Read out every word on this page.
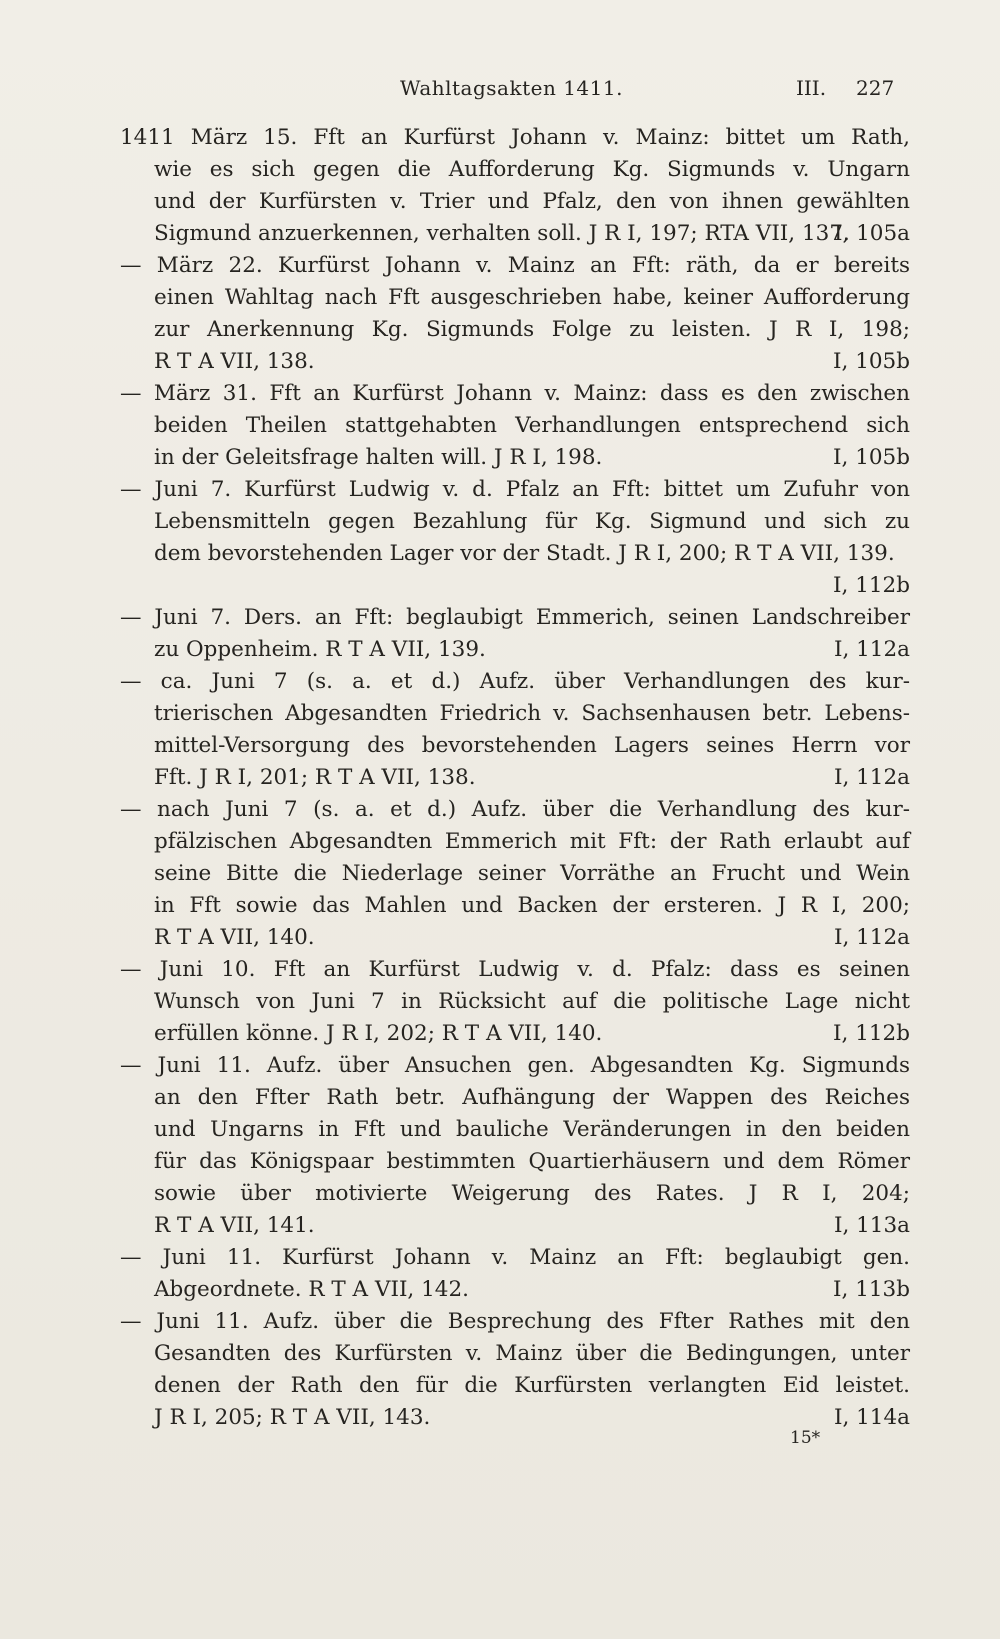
Wahltagsakten 1411.	III. 227
1411 März 15. Fft an Kurfürst Johann v. Mainz: bittet um Rath,
wie es sich gegen die Aufforderung Kg. Sigmunds v. Ungarn
und der Kurfürsten v. Trier und Pfalz, den von ihnen gewählten
Sigmund anzuerkennen, verhalten soll. J R I, 197; RTA VII, 137.
I, 105a
— März 22. Kurfürst Johann v. Mainz an Fft: räth, da er bereits
einen Wahltag nach Fft ausgeschrieben habe, keiner Aufforderung
zur Anerkennung Kg. Sigmunds Folge zu leisten. J R I, 198;
R T A VII, 138.	I, 105b
— März 31. Fft an Kurfürst Johann v. Mainz: dass es den zwischen
beiden Theilen stattgehabten Verhandlungen entsprechend sich
in der Geleitsfrage halten will. J R I, 198.	I, 105b
— Juni 7. Kurfürst Ludwig v. d. Pfalz an Fft: bittet um Zufuhr von
Lebensmitteln gegen Bezahlung für Kg. Sigmund und sich zu
dem bevorstehenden Lager vor der Stadt. J R I, 200; R T A VII, 139.
I, 112b
— Juni 7. Ders. an Fft: beglaubigt Emmerich, seinen Landschreiber
zu Oppenheim. R T A VII, 139.	I, 112a
— ca. Juni 7 (s. a. et d.) Aufz. über Verhandlungen des kur-
trierischen Abgesandten Friedrich v. Sachsenhausen betr. Lebens-
mittel-Versorgung des bevorstehenden Lagers seines Herrn vor
Fft. J R I, 201; R T A VII, 138.	I, 112a
— nach Juni 7 (s. a. et d.) Aufz. über die Verhandlung des kur-
pfälzischen Abgesandten Emmerich mit Fft: der Rath erlaubt auf
seine Bitte die Niederlage seiner Vorräthe an Frucht und Wein
in Fft sowie das Mahlen und Backen der ersteren. J R I, 200;
R T A VII, 140.	I, 112a
— Juni 10. Fft an Kurfürst Ludwig v. d. Pfalz: dass es seinen
Wunsch von Juni 7 in Rücksicht auf die politische Lage nicht
erfüllen könne. J R I, 202; R T A VII, 140.	I, 112b
— Juni 11. Aufz. über Ansuchen gen. Abgesandten Kg. Sigmunds
an den Ffter Rath betr. Aufhängung der Wappen des Reiches
und Ungarns in Fft und bauliche Veränderungen in den beiden
für das Königspaar bestimmten Quartierhäusern und dem Römer
sowie über motivierte Weigerung des Rates. J R I, 204;
R T A VII, 141.	I, 113a
— Juni 11. Kurfürst Johann v. Mainz an Fft: beglaubigt gen.
Abgeordnete. R T A VII, 142.	I, 113b
— Juni 11. Aufz. über die Besprechung des Ffter Rathes mit den
Gesandten des Kurfürsten v. Mainz über die Bedingungen, unter
denen der Rath den für die Kurfürsten verlangten Eid leistet.
J R I, 205; R T A VII, 143.	I, 114a
15*
